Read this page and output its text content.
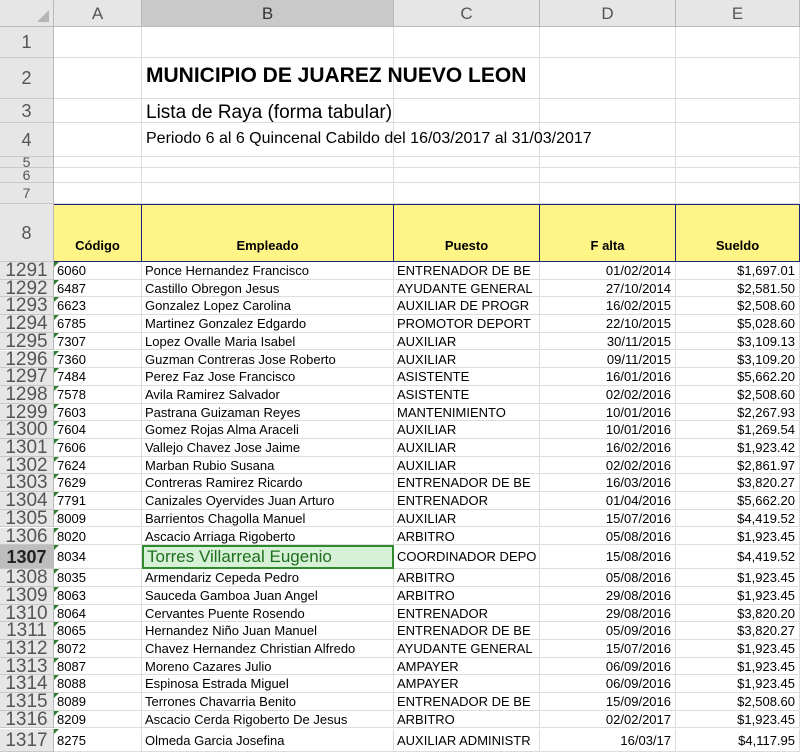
A	B	C	D	E
1
2
3
4
5
6
7
8
MUNICIPIO DE JUAREZ NUEVO LEON
Lista de Raya (forma tabular)
Periodo 6 al 6 Quincenal Cabildo del 16/03/2017 al 31/03/2017
Código	Empleado	Puesto	F alta	Sueldo
1291 6060	Ponce Hernandez Francisco	ENTRENADOR DE BE	01/02/2014	$1,697.01
1292 6487	Castillo Obregon Jesus	AYUDANTE GENERAL	27/10/2014	$2,581.50
1293 6623	Gonzalez Lopez Carolina	AUXILIAR DE PROGR	16/02/2015	$2,508.60
1294 6785	Martinez Gonzalez Edgardo	PROMOTOR DEPORT	22/10/2015	$5,028.60
1295 7307	Lopez Ovalle Maria Isabel	AUXILIAR	30/11/2015	$3,109.13
1296 7360	Guzman Contreras Jose Roberto	AUXILIAR	09/11/2015	$3,109.20
1297 7484	Perez Faz Jose Francisco	ASISTENTE	16/01/2016	$5,662.20
1298 7578	Avila Ramirez Salvador	ASISTENTE	02/02/2016	$2,508.60
1299 7603	Pastrana Guizaman Reyes	MANTENIMIENTO	10/01/2016	$2,267.93
1300 7604	Gomez Rojas Alma Araceli	AUXILIAR	10/01/2016	$1,269.54
1301 7606	Vallejo Chavez Jose Jaime	AUXILIAR	16/02/2016	$1,923.42
1302 7624	Marban Rubio Susana	AUXILIAR	02/02/2016	$2,861.97
1303 7629	Contreras Ramirez Ricardo	ENTRENADOR DE BE	16/03/2016	$3,820.27
1304 7791	Canizales Oyervides Juan Arturo	ENTRENADOR	01/04/2016	$5,662.20
1305 8009	Barrientos Chagolla Manuel	AUXILIAR	15/07/2016	$4,419.52
1306 8020	Ascacio Arriaga Rigoberto	ARBITRO	05/08/2016	$1,923.45
1307 8034	Torres Villarreal Eugenio	COORDINADOR DEPO	15/08/2016	$4,419.52
1308 8035	Armendariz Cepeda Pedro	ARBITRO	05/08/2016	$1,923.45
1309 8063	Sauceda Gamboa Juan Angel	ARBITRO	29/08/2016	$1,923.45
1310 8064	Cervantes Puente Rosendo	ENTRENADOR	29/08/2016	$3,820.20
1311 8065	Hernandez Niño Juan Manuel	ENTRENADOR DE BE	05/09/2016	$3,820.27
1312 8072	Chavez Hernandez Christian Alfredo	AYUDANTE GENERAL	15/07/2016	$1,923.45
1313 8087	Moreno Cazares Julio	AMPAYER	06/09/2016	$1,923.45
1314 8088	Espinosa Estrada Miguel	AMPAYER	06/09/2016	$1,923.45
1315 8089	Terrones Chavarria Benito	ENTRENADOR DE BE	15/09/2016	$2,508.60
1316 8209	Ascacio Cerda Rigoberto De Jesus	ARBITRO	02/02/2017	$1,923.45
1317 8275	Olmeda Garcia Josefina	AUXILIAR ADMINISTR	16/03/17	$4,117.95
